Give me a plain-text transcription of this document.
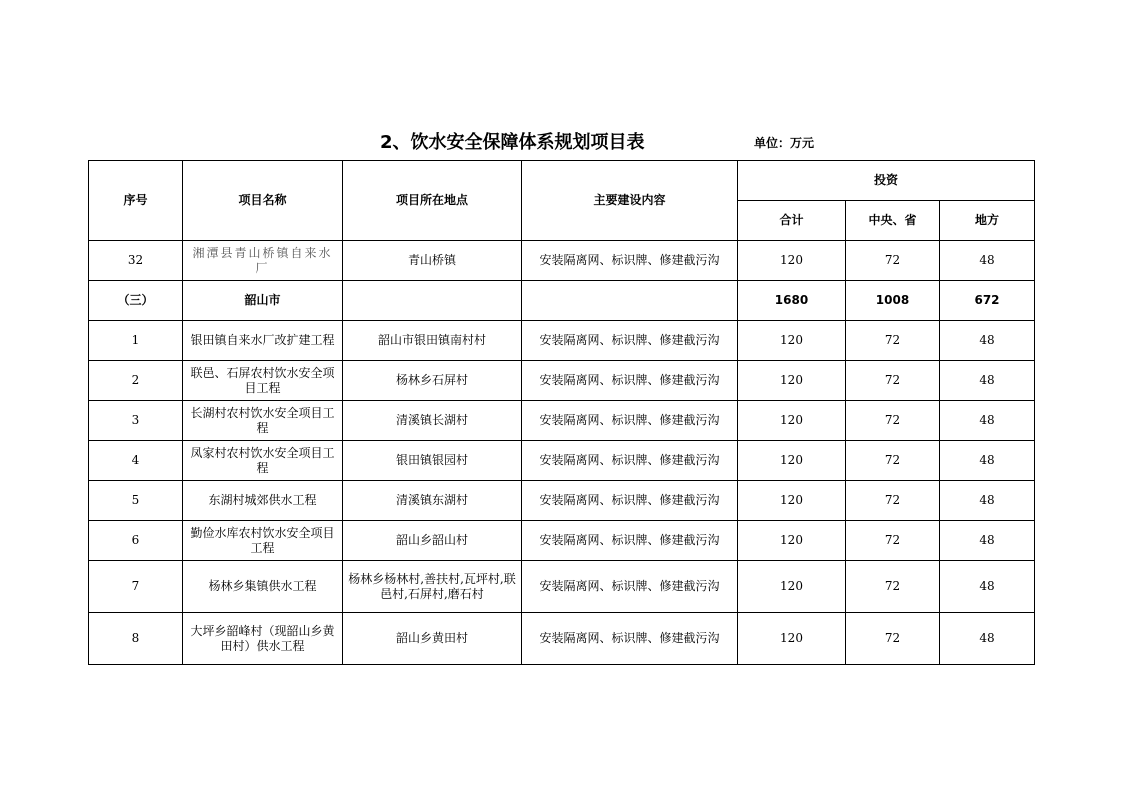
2、饮水安全保障体系规划项目表	单位：万元
序号	项目名称	项目所在地点	主要建设内容	投资		
				合计	中央、省	地方
32	湘潭县青山桥镇自来水厂	青山桥镇	安装隔离网、标识牌、修建截污沟	120	72	48
（三）	韶山市			1680	1008	672
1	银田镇自来水厂改扩建工程	韶山市银田镇南村村	安装隔离网、标识牌、修建截污沟	120	72	48
2	联邑、石屏农村饮水安全项目工程	杨林乡石屏村	安装隔离网、标识牌、修建截污沟	120	72	48
3	长湖村农村饮水安全项目工程	清溪镇长湖村	安装隔离网、标识牌、修建截污沟	120	72	48
4	凤家村农村饮水安全项目工程	银田镇银园村	安装隔离网、标识牌、修建截污沟	120	72	48
5	东湖村城郊供水工程	清溪镇东湖村	安装隔离网、标识牌、修建截污沟	120	72	48
6	勤俭水库农村饮水安全项目工程	韶山乡韶山村	安装隔离网、标识牌、修建截污沟	120	72	48
7	杨林乡集镇供水工程	杨林乡杨林村,善扶村,瓦坪村,联邑村,石屏村,磨石村	安装隔离网、标识牌、修建截污沟	120	72	48
8	大坪乡韶峰村（现韶山乡黄田村）供水工程	韶山乡黄田村	安装隔离网、标识牌、修建截污沟	120	72	48
